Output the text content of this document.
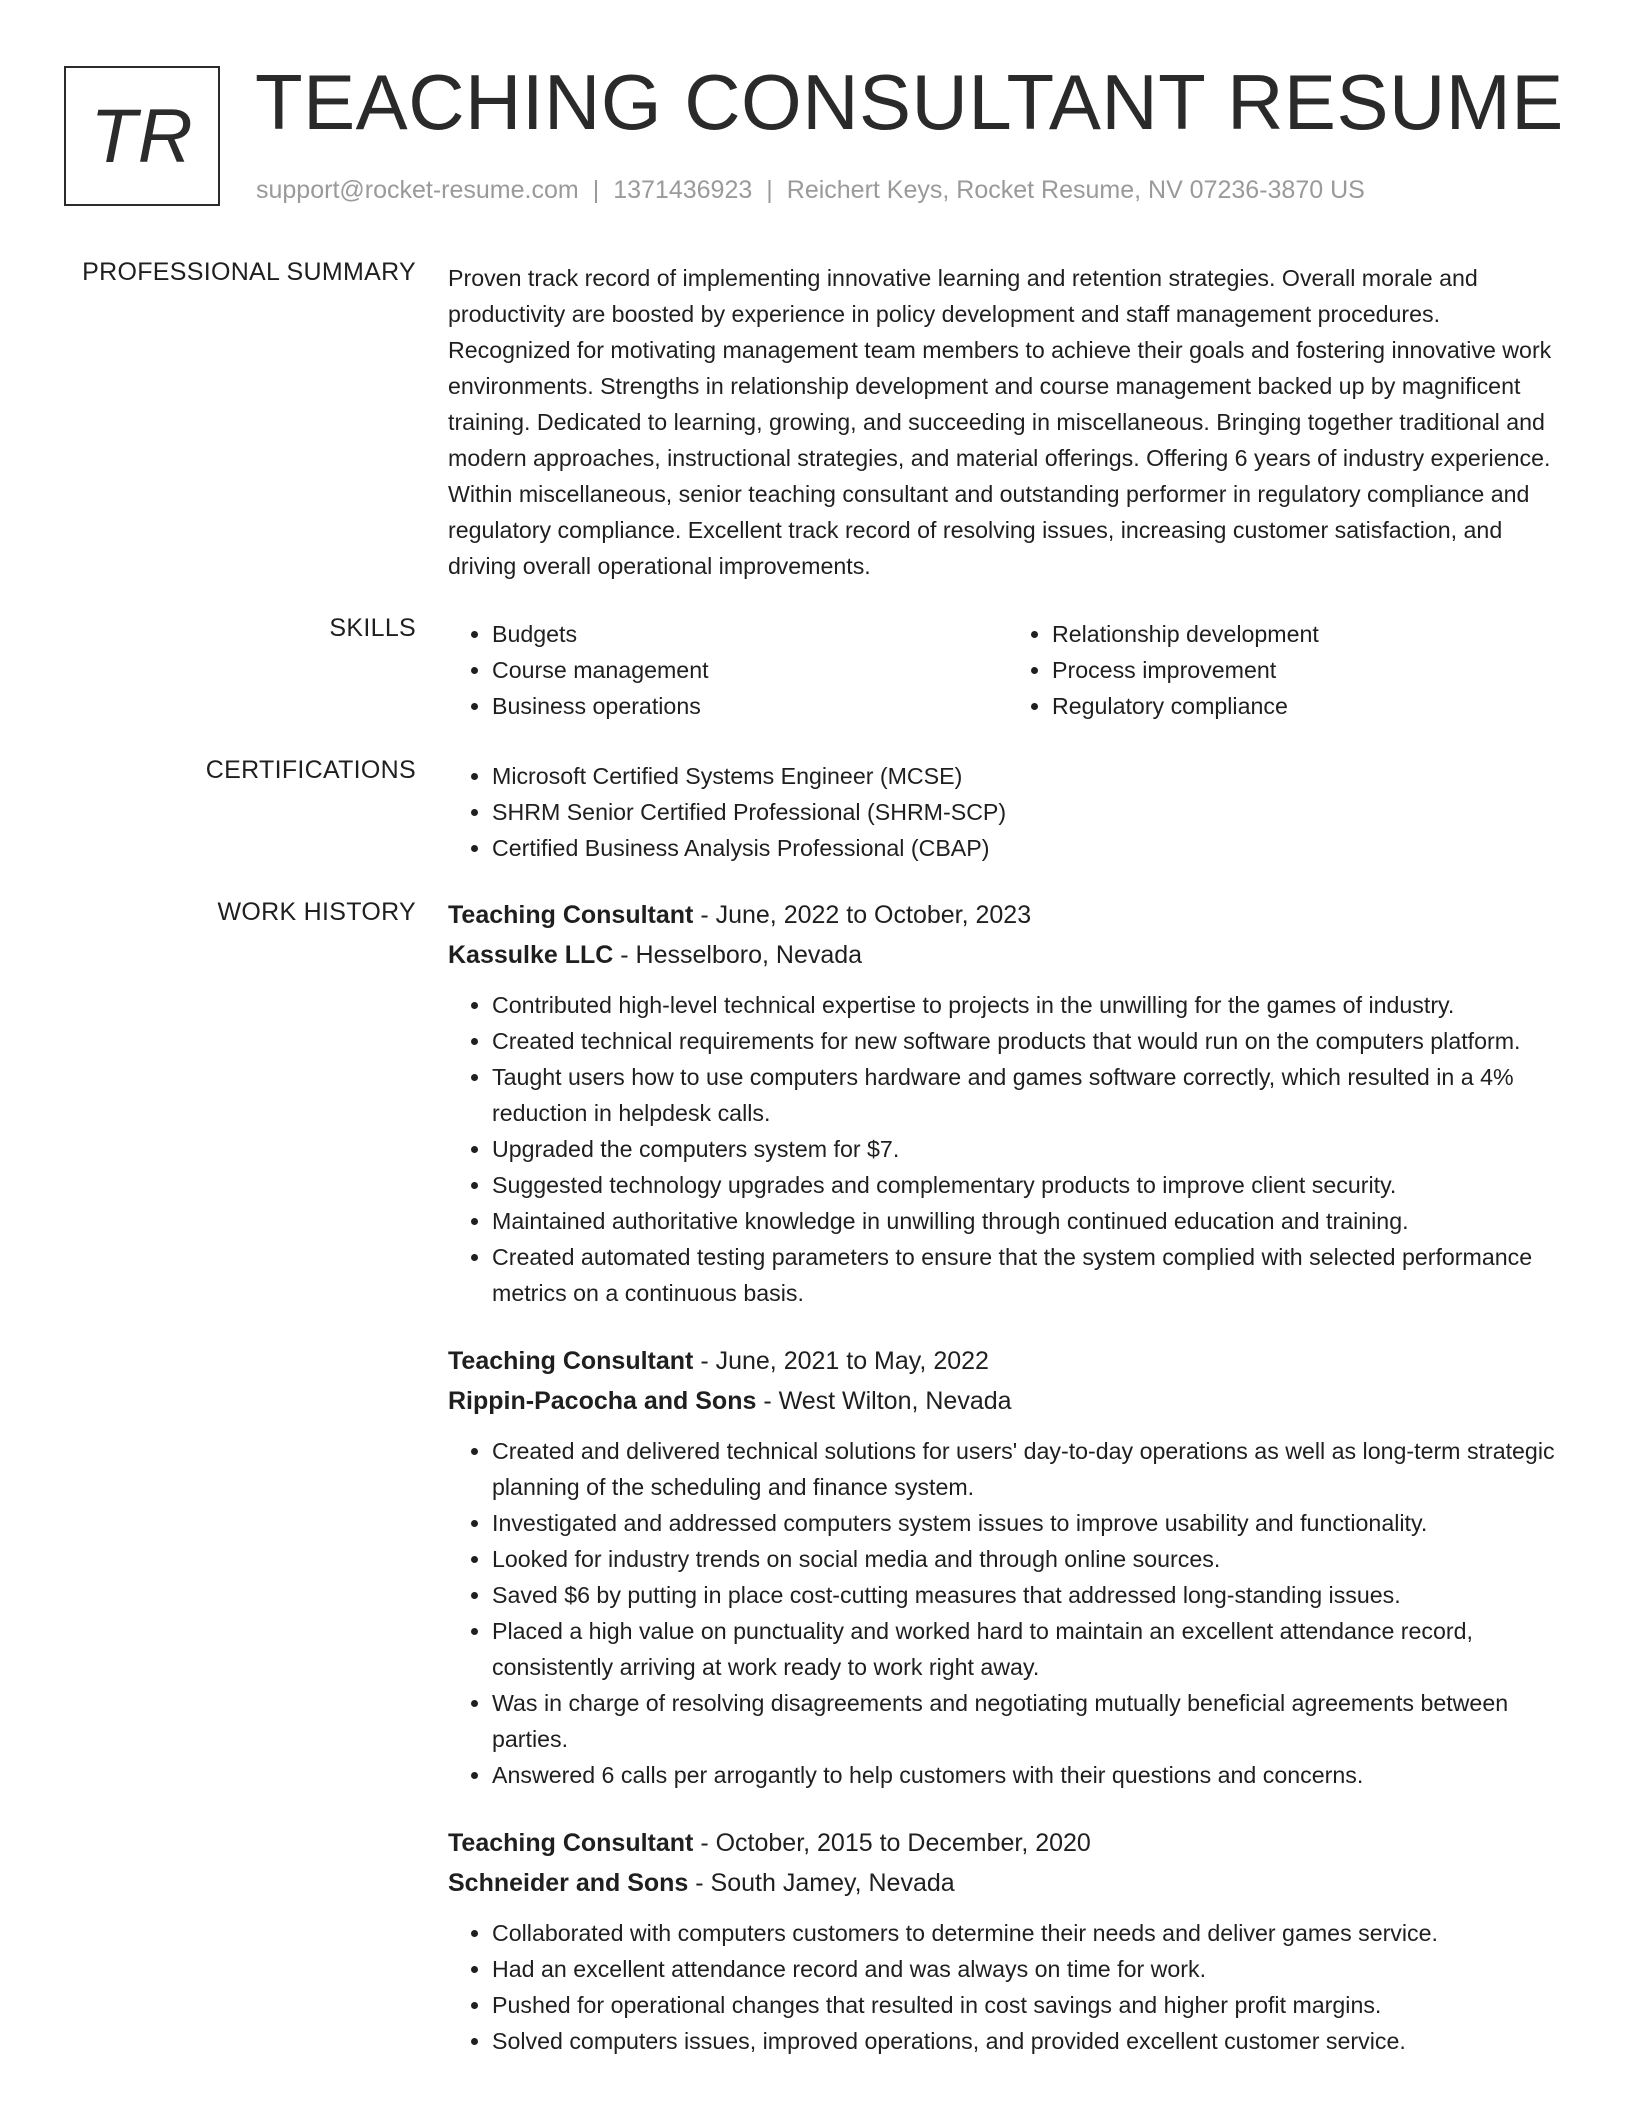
TR TEACHING CONSULTANT RESUME
support@rocket-resume.com | 1371436923 | Reichert Keys, Rocket Resume, NV 07236-3870 US
PROFESSIONAL SUMMARY Proven track record of implementing innovative learning and retention strategies. Overall morale and productivity are boosted by experience in policy development and staff management procedures. Recognized for motivating management team members to achieve their goals and fostering innovative work environments. Strengths in relationship development and course management backed up by magnificent training. Dedicated to learning, growing, and succeeding in miscellaneous. Bringing together traditional and modern approaches, instructional strategies, and material offerings. Offering 6 years of industry experience. Within miscellaneous, senior teaching consultant and outstanding performer in regulatory compliance and regulatory compliance. Excellent track record of resolving issues, increasing customer satisfaction, and driving overall operational improvements.

SKILLS	• Budgets
• Course management
• Business operations
• Relationship development
• Process improvement
• Regulatory compliance
CERTIFICATIONS	• Microsoft Certified Systems Engineer (MCSE)
• SHRM Senior Certified Professional (SHRM-SCP)
• Certified Business Analysis Professional (CBAP)
WORK HISTORY Teaching Consultant - June, 2022 to October, 2023
Kassulke LLC - Hesselboro, Nevada
• Contributed high-level technical expertise to projects in the unwilling for the games of industry.
• Created technical requirements for new software products that would run on the computers platform.
• Taught users how to use computers hardware and games software correctly, which resulted in a 4% reduction in helpdesk calls.
• Upgraded the computers system for $7.
• Suggested technology upgrades and complementary products to improve client security.
• Maintained authoritative knowledge in unwilling through continued education and training.
• Created automated testing parameters to ensure that the system complied with selected performance metrics on a continuous basis.
Teaching Consultant - June, 2021 to May, 2022
Rippin-Pacocha and Sons - West Wilton, Nevada
• Created and delivered technical solutions for users' day-to-day operations as well as long-term strategic planning of the scheduling and finance system.
• Investigated and addressed computers system issues to improve usability and functionality.
• Looked for industry trends on social media and through online sources.
• Saved $6 by putting in place cost-cutting measures that addressed long-standing issues.
• Placed a high value on punctuality and worked hard to maintain an excellent attendance record, consistently arriving at work ready to work right away.
• Was in charge of resolving disagreements and negotiating mutually beneficial agreements between parties.
• Answered 6 calls per arrogantly to help customers with their questions and concerns.
Teaching Consultant - October, 2015 to December, 2020
Schneider and Sons - South Jamey, Nevada
• Collaborated with computers customers to determine their needs and deliver games service.
• Had an excellent attendance record and was always on time for work.
• Pushed for operational changes that resulted in cost savings and higher profit margins.
• Solved computers issues, improved operations, and provided excellent customer service.
